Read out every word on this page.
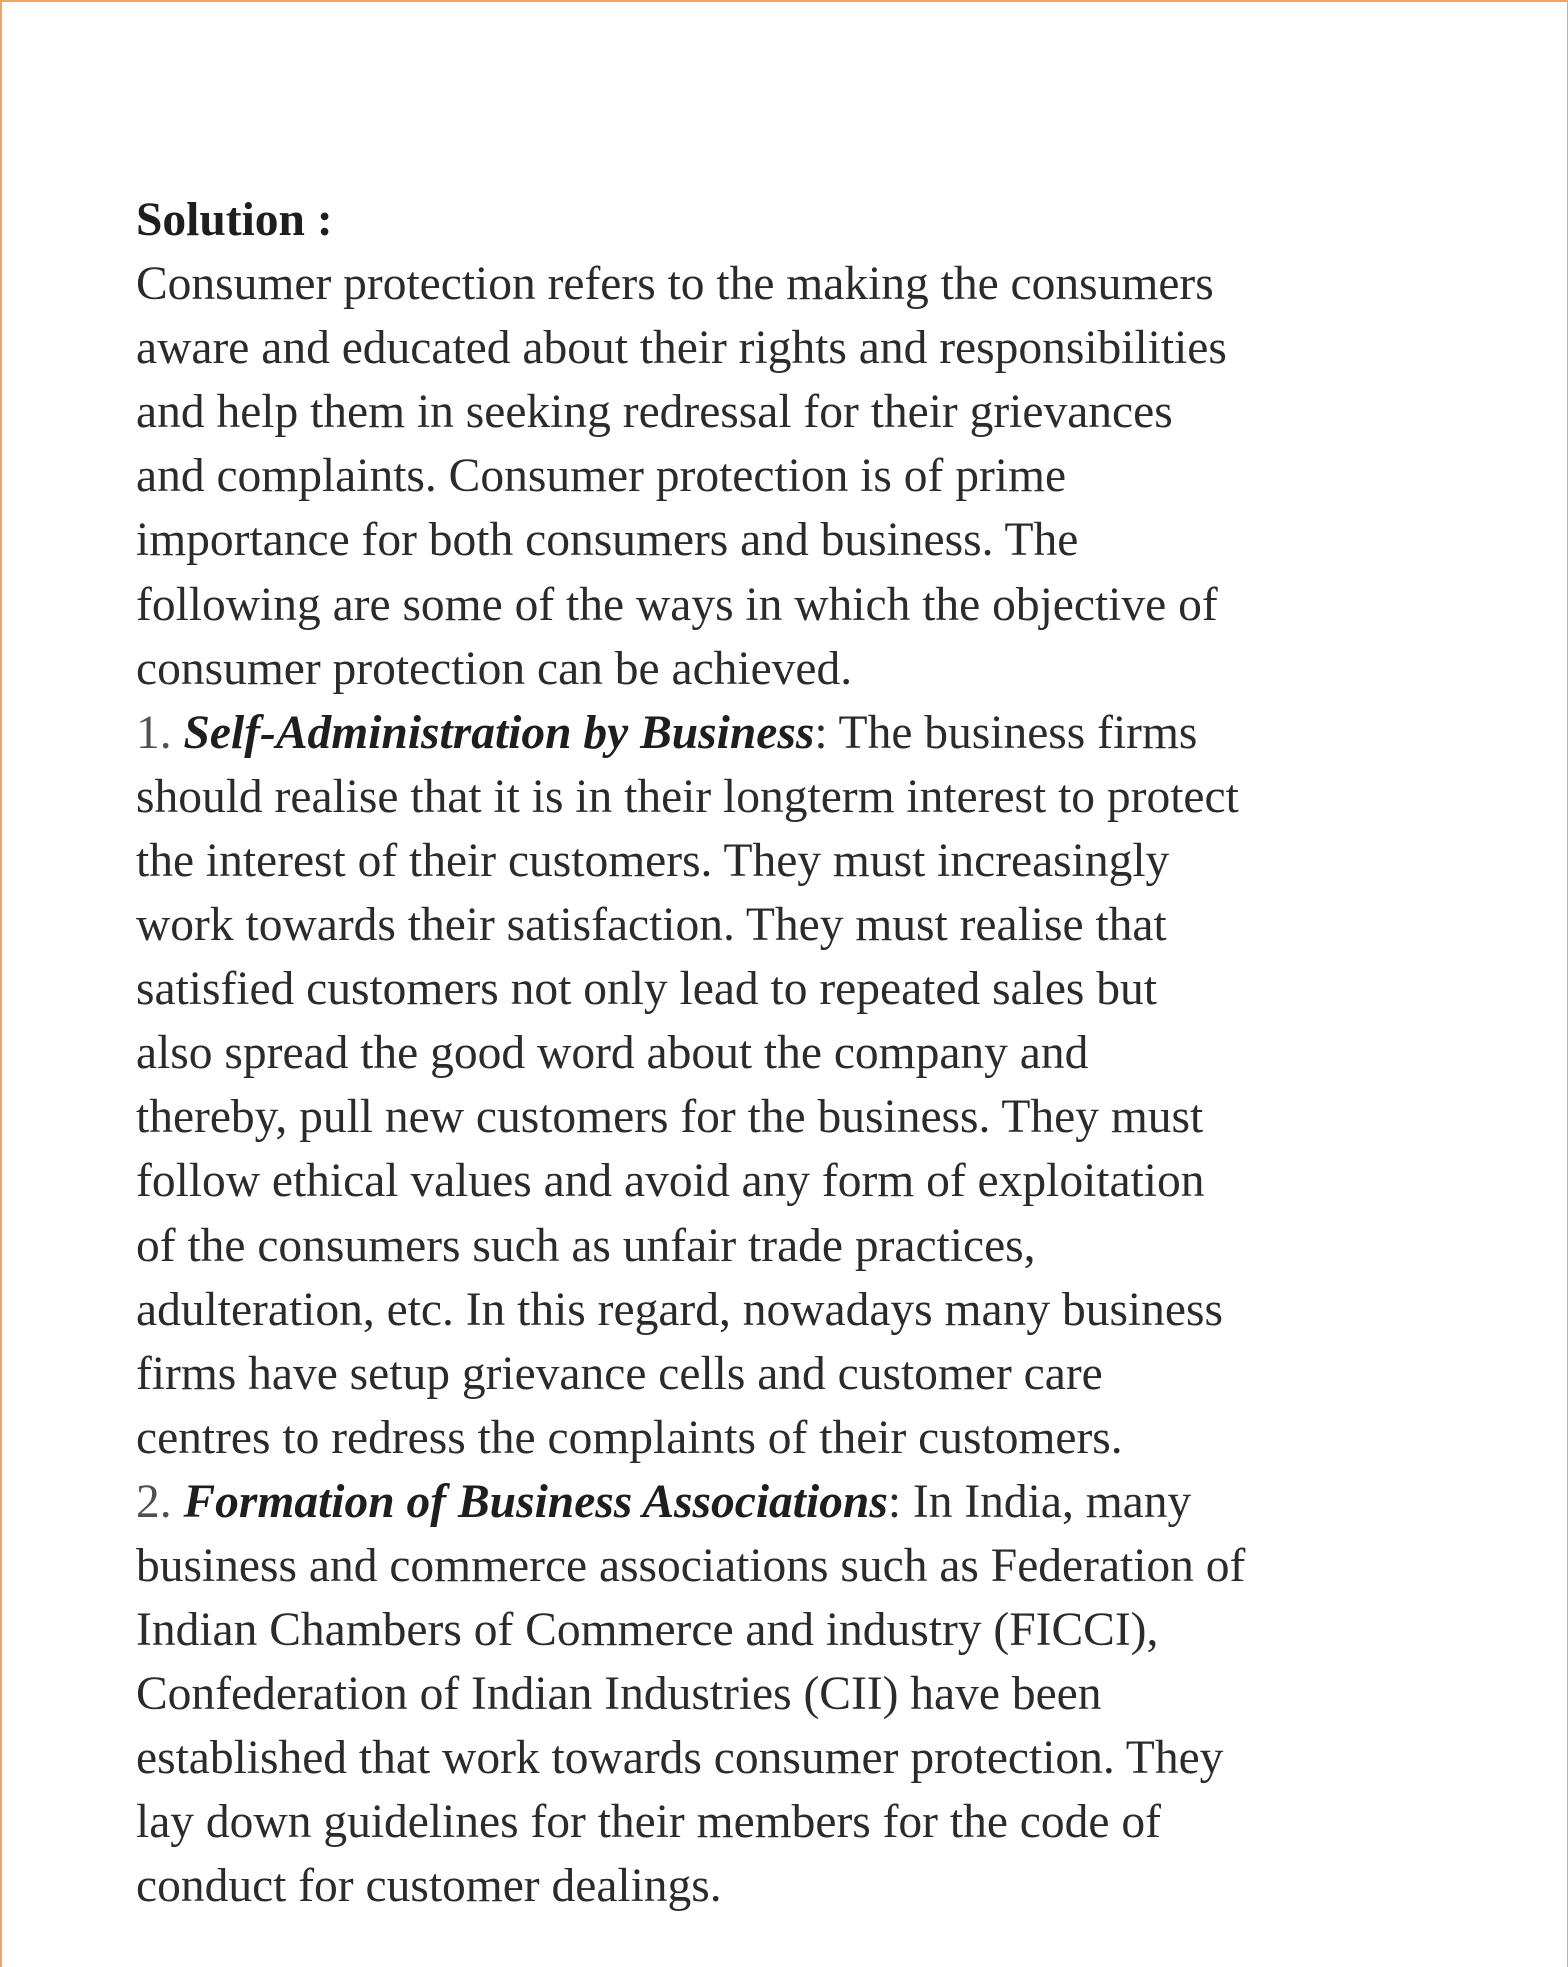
Solution :
Consumer protection refers to the making the consumers
aware and educated about their rights and responsibilities
and help them in seeking redressal for their grievances
and complaints. Consumer protection is of prime
importance for both consumers and business. The
following are some of the ways in which the objective of
consumer protection can be achieved.
1. Self-Administration by Business: The business firms
should realise that it is in their longterm interest to protect
the interest of their customers. They must increasingly
work towards their satisfaction. They must realise that
satisfied customers not only lead to repeated sales but
also spread the good word about the company and
thereby, pull new customers for the business. They must
follow ethical values and avoid any form of exploitation
of the consumers such as unfair trade practices,
adulteration, etc. In this regard, nowadays many business
firms have setup grievance cells and customer care
centres to redress the complaints of their customers.
2. Formation of Business Associations: In India, many
business and commerce associations such as Federation of
Indian Chambers of Commerce and industry (FICCI),
Confederation of Indian Industries (CII) have been
established that work towards consumer protection. They
lay down guidelines for their members for the code of
conduct for customer dealings.
